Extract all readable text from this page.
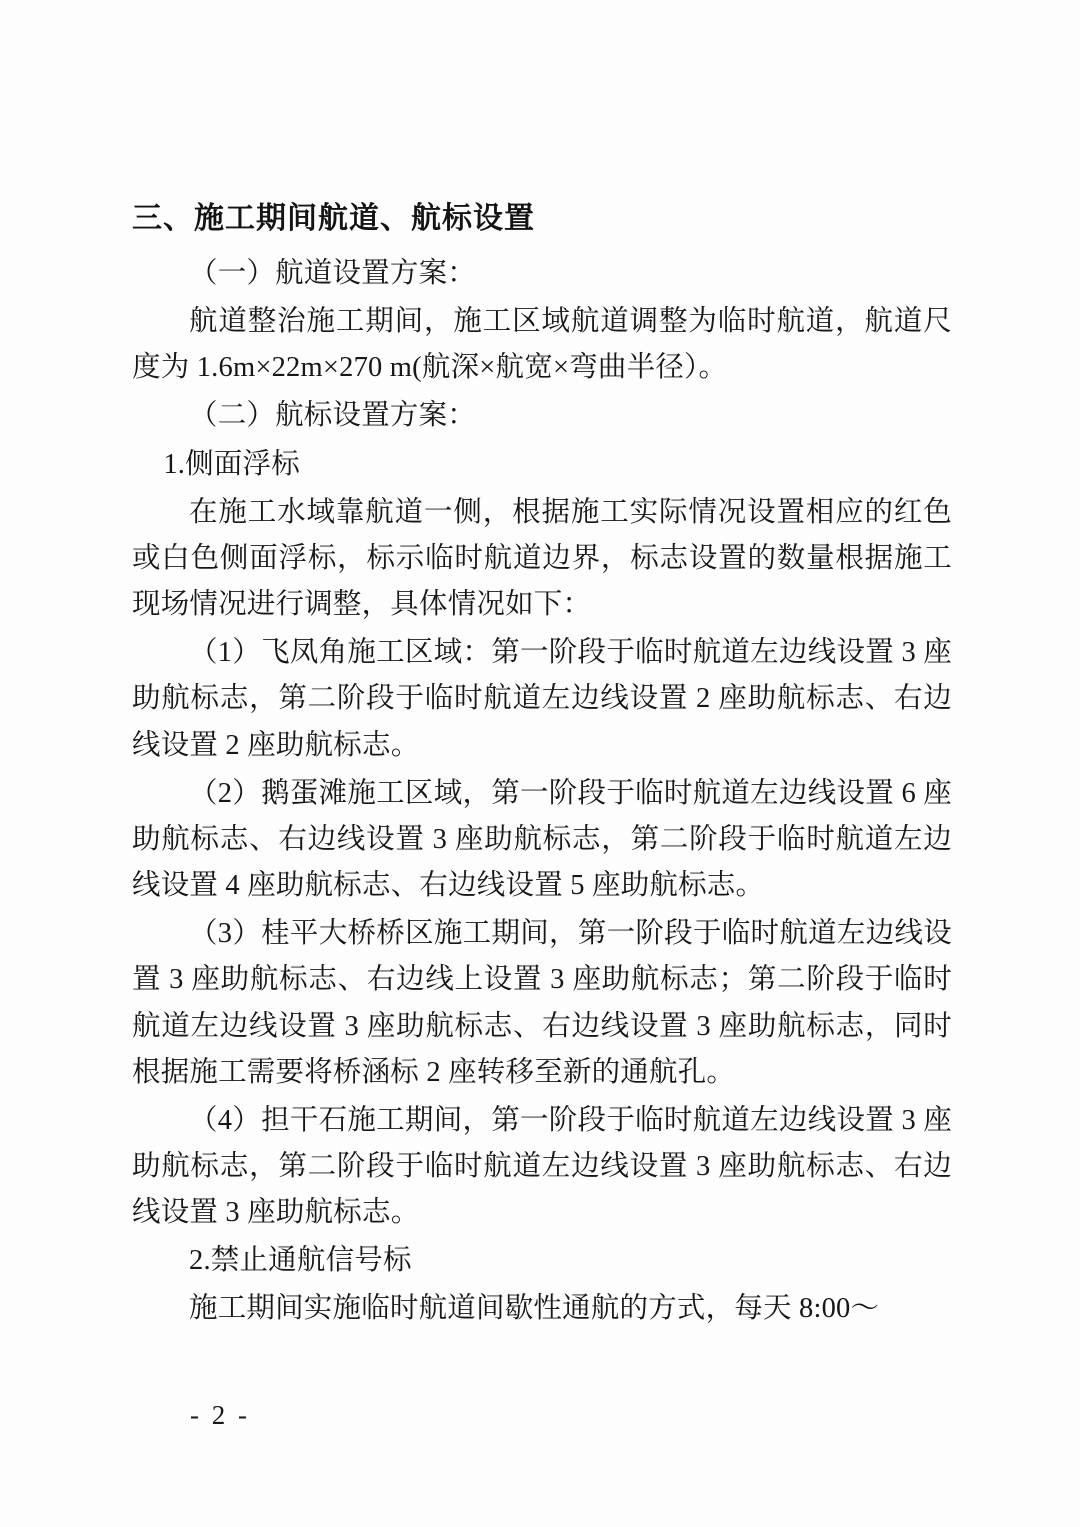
三、施工期间航道、航标设置

（一）航道设置方案：

航道整治施工期间，施工区域航道调整为临时航道，航道尺度为 1.6m×22m×270 m(航深×航宽×弯曲半径）。

（二）航标设置方案：

1.侧面浮标

在施工水域靠航道一侧，根据施工实际情况设置相应的红色或白色侧面浮标，标示临时航道边界，标志设置的数量根据施工现场情况进行调整，具体情况如下：

（1）飞凤角施工区域：第一阶段于临时航道左边线设置 3 座助航标志，第二阶段于临时航道左边线设置 2 座助航标志、右边线设置 2 座助航标志。

（2）鹅蛋滩施工区域，第一阶段于临时航道左边线设置 6 座助航标志、右边线设置 3 座助航标志，第二阶段于临时航道左边线设置 4 座助航标志、右边线设置 5 座助航标志。

（3）桂平大桥桥区施工期间，第一阶段于临时航道左边线设置 3 座助航标志、右边线上设置 3 座助航标志；第二阶段于临时航道左边线设置 3 座助航标志、右边线设置 3 座助航标志，同时根据施工需要将桥涵标 2 座转移至新的通航孔。

（4）担干石施工期间，第一阶段于临时航道左边线设置 3 座助航标志，第二阶段于临时航道左边线设置 3 座助航标志、右边线设置 3 座助航标志。

2.禁止通航信号标

施工期间实施临时航道间歇性通航的方式，每天 8:00～

- 2 -
